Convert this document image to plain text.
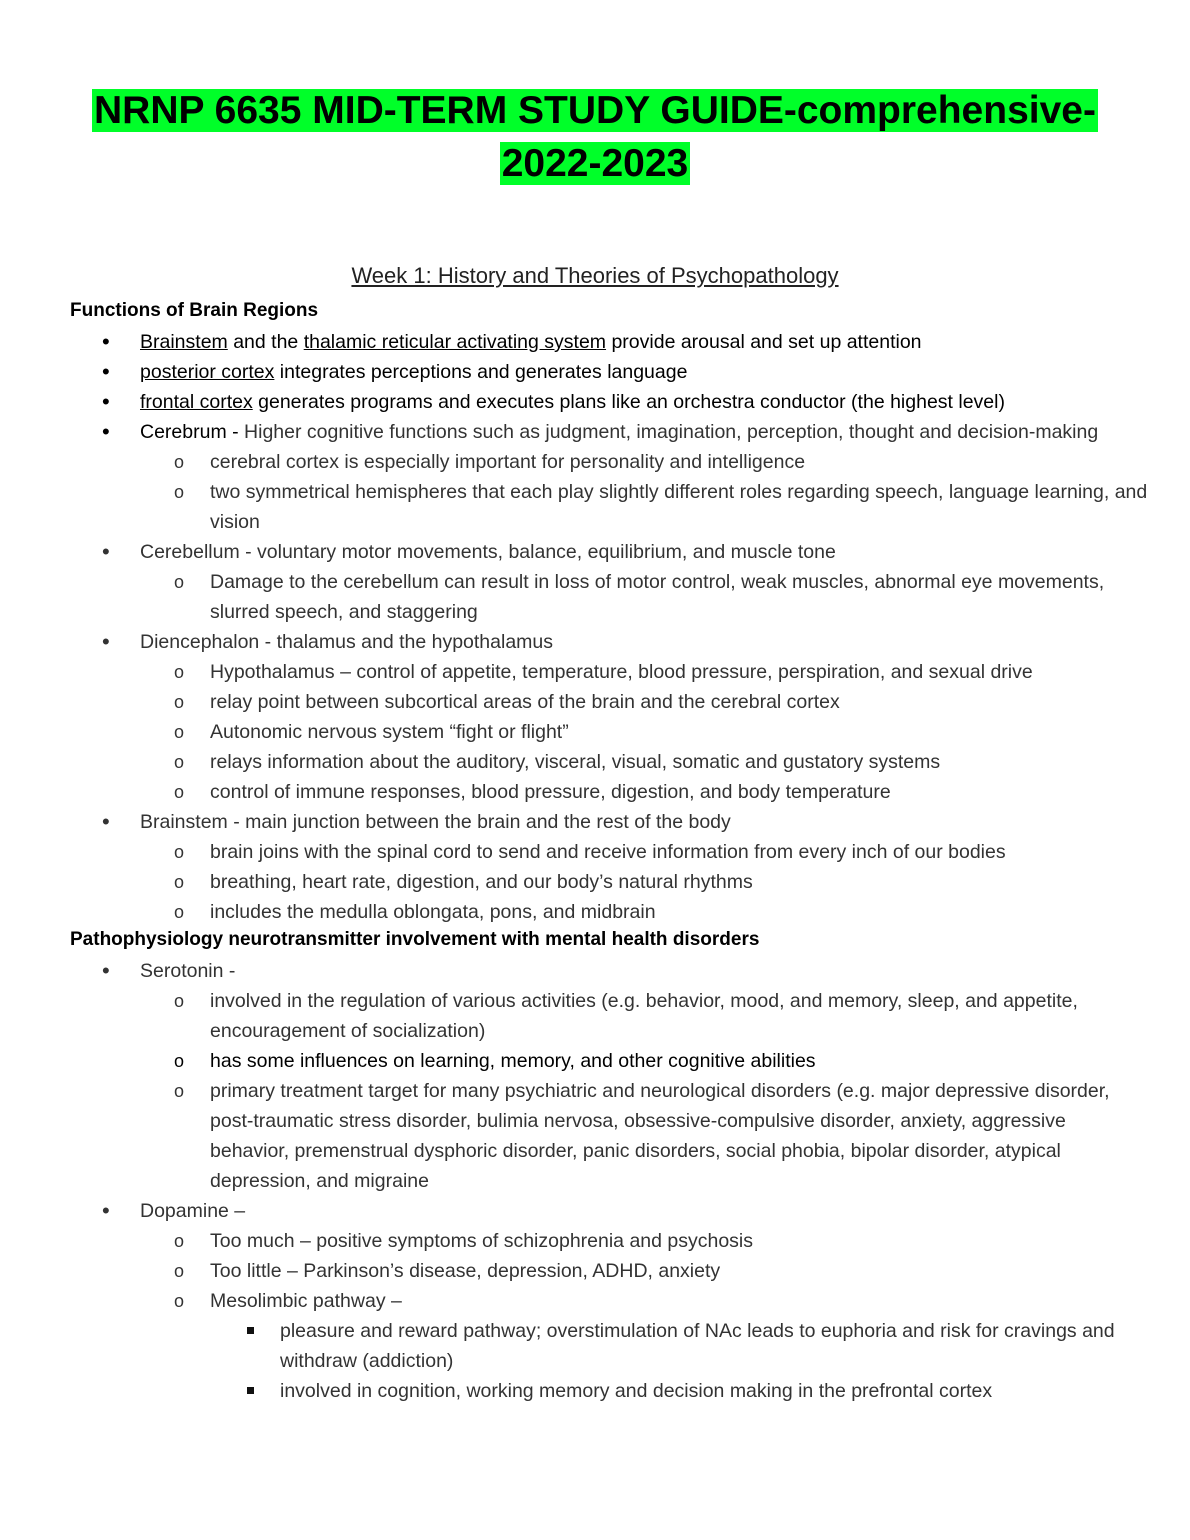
NRNP 6635 MID-TERM STUDY GUIDE-comprehensive-
2022-2023
Week 1: History and Theories of Psychopathology
Functions of Brain Regions
Brainstem and the thalamic reticular activating system provide arousal and set up attention
posterior cortex integrates perceptions and generates language
frontal cortex generates programs and executes plans like an orchestra conductor (the highest level)
Cerebrum - Higher cognitive functions such as judgment, imagination, perception, thought and decision-making
o cerebral cortex is especially important for personality and intelligence
o two symmetrical hemispheres that each play slightly different roles regarding speech, language learning, and vision
Cerebellum - voluntary motor movements, balance, equilibrium, and muscle tone
o Damage to the cerebellum can result in loss of motor control, weak muscles, abnormal eye movements, slurred speech, and staggering
Diencephalon - thalamus and the hypothalamus
o Hypothalamus – control of appetite, temperature, blood pressure, perspiration, and sexual drive
o relay point between subcortical areas of the brain and the cerebral cortex
o Autonomic nervous system “fight or flight”
o relays information about the auditory, visceral, visual, somatic and gustatory systems
o control of immune responses, blood pressure, digestion, and body temperature
Brainstem - main junction between the brain and the rest of the body
o brain joins with the spinal cord to send and receive information from every inch of our bodies
o breathing, heart rate, digestion, and our body’s natural rhythms
o includes the medulla oblongata, pons, and midbrain
Pathophysiology neurotransmitter involvement with mental health disorders
Serotonin -
o involved in the regulation of various activities (e.g. behavior, mood, and memory, sleep, and appetite, encouragement of socialization)
o has some influences on learning, memory, and other cognitive abilities
o primary treatment target for many psychiatric and neurological disorders (e.g. major depressive disorder, post-traumatic stress disorder, bulimia nervosa, obsessive-compulsive disorder, anxiety, aggressive behavior, premenstrual dysphoric disorder, panic disorders, social phobia, bipolar disorder, atypical depression, and migraine
Dopamine –
o Too much – positive symptoms of schizophrenia and psychosis
o Too little – Parkinson’s disease, depression, ADHD, anxiety
o Mesolimbic pathway –
pleasure and reward pathway; overstimulation of NAc leads to euphoria and risk for cravings and withdraw (addiction)
involved in cognition, working memory and decision making in the prefrontal cortex
